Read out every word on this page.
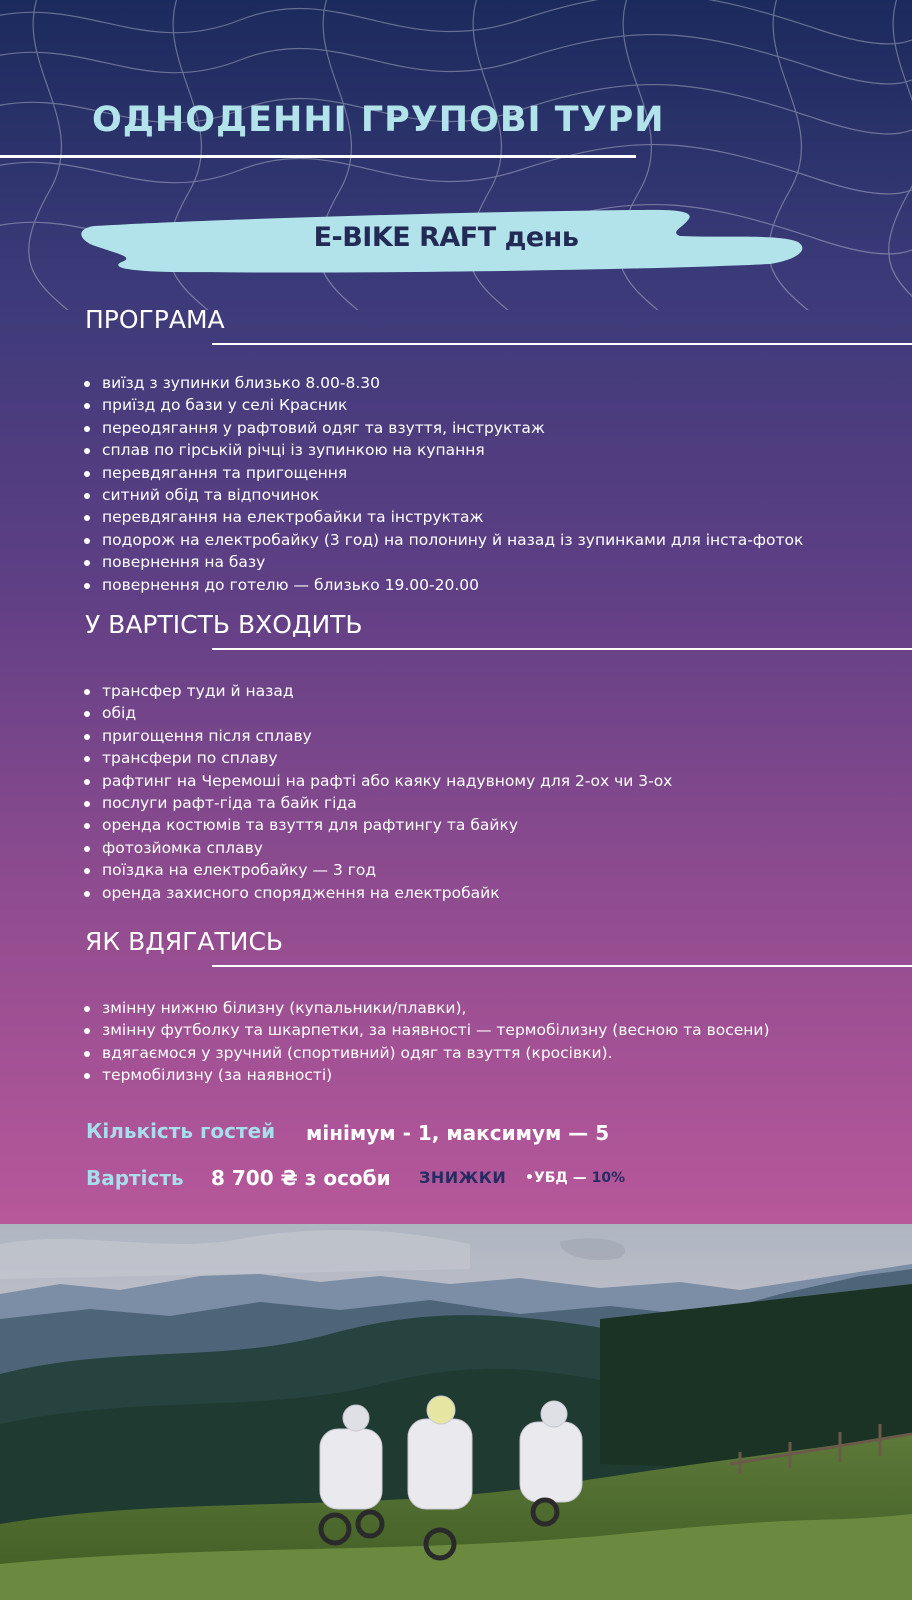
ОДНОДЕННІ ГРУПОВІ ТУРИ
E-BIKE RAFT день
ПРОГРАМА
виїзд з зупинки близько 8.00-8.30
приїзд до бази у селі Красник
переодягання у рафтовий одяг та взуття, інструктаж
сплав по гірській річці із зупинкою на купання
перевдягання та пригощення
ситний обід та відпочинок
перевдягання на електробайки та інструктаж
подорож на електробайку (3 год) на полонину й назад із зупинками для інста-фоток
повернення на базу
повернення до готелю — близько 19.00-20.00
У ВАРТІСТЬ ВХОДИТЬ
трансфер туди й назад
обід
пригощення після сплаву
трансфери по сплаву
рафтинг на Черемоші на рафті або каяку надувному для 2-ох чи 3-ох
послуги рафт-гіда та байк гіда
оренда костюмів та взуття для рафтингу та байку
фотозйомка сплаву
поїздка на електробайку — 3 год
оренда захисного спорядження на електробайк
ЯК ВДЯГАТИСЬ
змінну нижню білизну (купальники/плавки),
змінну футболку та шкарпетки, за наявності — термобілизну (весною та восени)
вдягаємося у зручний (спортивний) одяг та взуття (кросівки).
термобілизну (за наявності)
Кількість гостей мінімум - 1, максимум — 5
Вартість 8 700 ₴ з особи ЗНИЖКИ •УБД — 10%
